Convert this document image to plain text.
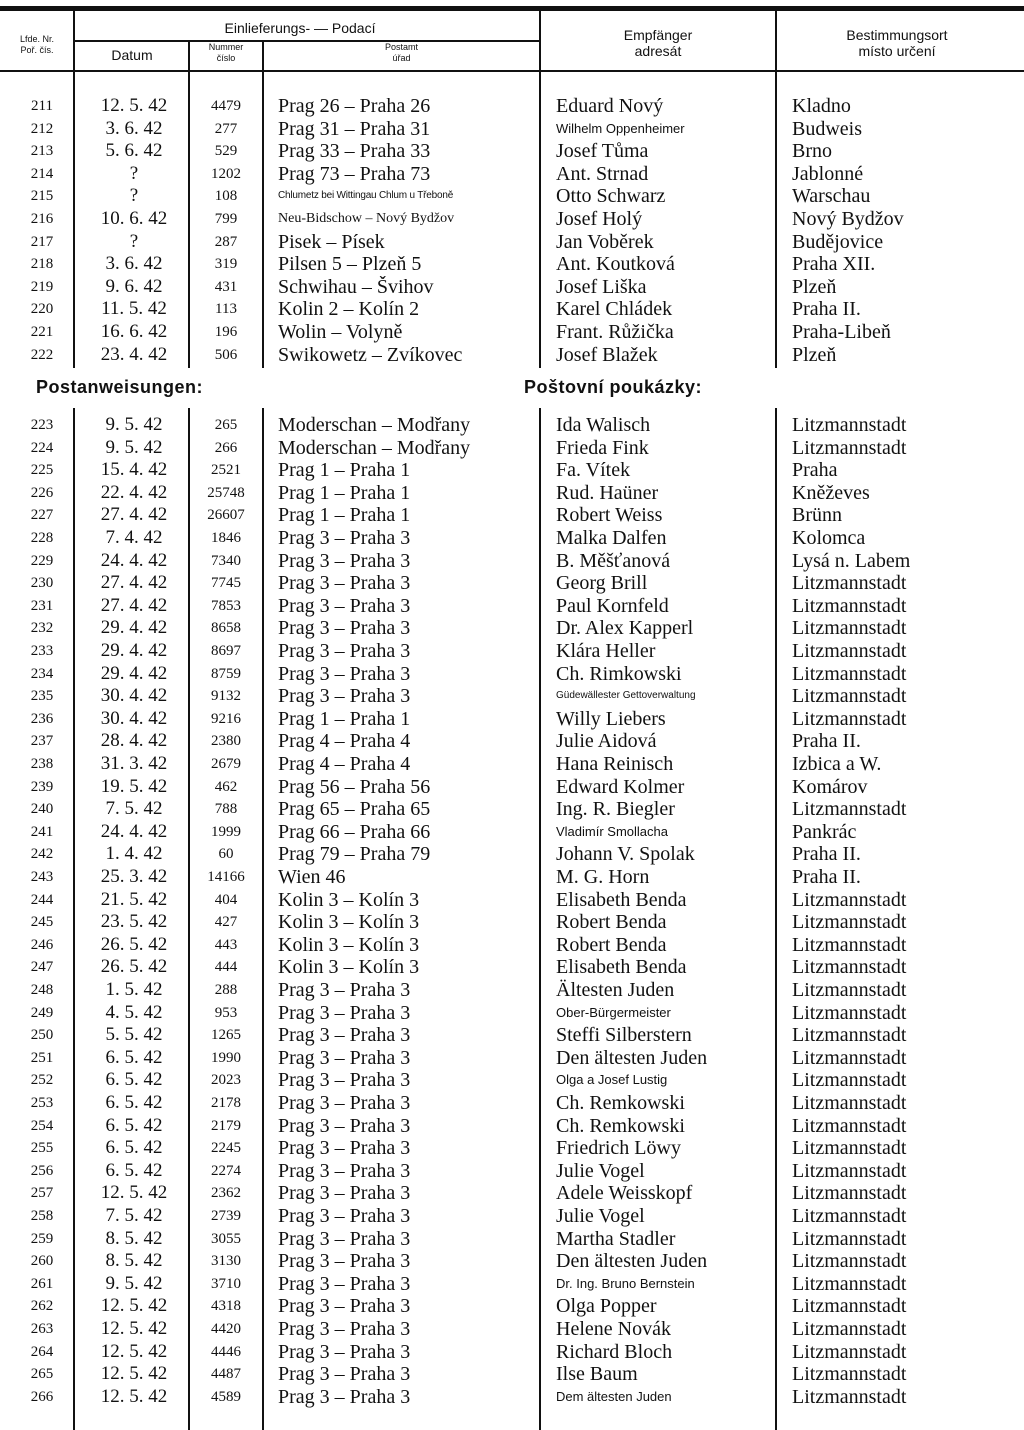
Lfde. Nr.
Poř. čís.
Einlieferungs- — Podací
Datum	Nummer
číslo
Postamt
úřad
Empfänger
adresát
Bestimmungsort
místo určení
211	12. 5. 42	4479	Prag 26 – Praha 26	Eduard Nový	Kladno
212	3. 6. 42	277	Prag 31 – Praha 31	Wilhelm Oppenheimer	Budweis
213	5. 6. 42	529	Prag 33 – Praha 33	Josef Tůma	Brno
214	?	1202	Prag 73 – Praha 73	Ant. Strnad	Jablonné
215	?	108	Chlumetz bei Wittingau Chlum u Třeboně	Otto Schwarz	Warschau
216	10. 6. 42	799	Neu-Bidschow – Nový Bydžov	Josef Holý	Nový Bydžov
217	?	287	Pisek – Písek	Jan Voběrek	Budějovice
218	3. 6. 42	319	Pilsen 5 – Plzeň 5	Ant. Koutková	Praha XII.
219	9. 6. 42	431	Schwihau – Švihov	Josef Liška	Plzeň
220	11. 5. 42	113	Kolin 2 – Kolín 2	Karel Chládek	Praha II.
221	16. 6. 42	196	Wolin – Volyně	Frant. Růžička	Praha-Libeň
222	23. 4. 42	506	Swikowetz – Zvíkovec	Josef Blažek	Plzeň
Postanweisungen:	Poštovní poukázky:
223	9. 5. 42	265	Moderschan – Modřany	Ida Walisch	Litzmannstadt
224	9. 5. 42	266	Moderschan – Modřany	Frieda Fink	Litzmannstadt
225	15. 4. 42	2521	Prag 1 – Praha 1	Fa. Vítek	Praha
226	22. 4. 42	25748	Prag 1 – Praha 1	Rud. Haüner	Kněževes
227	27. 4. 42	26607	Prag 1 – Praha 1	Robert Weiss	Brünn
228	7. 4. 42	1846	Prag 3 – Praha 3	Malka Dalfen	Kolomca
229	24. 4. 42	7340	Prag 3 – Praha 3	B. Měšťanová	Lysá n. Labem
230	27. 4. 42	7745	Prag 3 – Praha 3	Georg Brill	Litzmannstadt
231	27. 4. 42	7853	Prag 3 – Praha 3	Paul Kornfeld	Litzmannstadt
232	29. 4. 42	8658	Prag 3 – Praha 3	Dr. Alex Kapperl	Litzmannstadt
233	29. 4. 42	8697	Prag 3 – Praha 3	Klára Heller	Litzmannstadt
234	29. 4. 42	8759	Prag 3 – Praha 3	Ch. Rimkowski	Litzmannstadt
235	30. 4. 42	9132	Prag 3 – Praha 3	Güdewällester Gettoverwaltung	Litzmannstadt
236	30. 4. 42	9216	Prag 1 – Praha 1	Willy Liebers	Litzmannstadt
237	28. 4. 42	2380	Prag 4 – Praha 4	Julie Aidová	Praha II.
238	31. 3. 42	2679	Prag 4 – Praha 4	Hana Reinisch	Izbica a W.
239	19. 5. 42	462	Prag 56 – Praha 56	Edward Kolmer	Komárov
240	7. 5. 42	788	Prag 65 – Praha 65	Ing. R. Biegler	Litzmannstadt
241	24. 4. 42	1999	Prag 66 – Praha 66	Vladimír Smollacha	Pankrác
242	1. 4. 42	60	Prag 79 – Praha 79	Johann V. Spolak	Praha II.
243	25. 3. 42	14166	Wien 46	M. G. Horn	Praha II.
244	21. 5. 42	404	Kolin 3 – Kolín 3	Elisabeth Benda	Litzmannstadt
245	23. 5. 42	427	Kolin 3 – Kolín 3	Robert Benda	Litzmannstadt
246	26. 5. 42	443	Kolin 3 – Kolín 3	Robert Benda	Litzmannstadt
247	26. 5. 42	444	Kolin 3 – Kolín 3	Elisabeth Benda	Litzmannstadt
248	1. 5. 42	288	Prag 3 – Praha 3	Ältesten Juden	Litzmannstadt
249	4. 5. 42	953	Prag 3 – Praha 3	Ober-Bürgermeister	Litzmannstadt
250	5. 5. 42	1265	Prag 3 – Praha 3	Steffi Silberstern	Litzmannstadt
251	6. 5. 42	1990	Prag 3 – Praha 3	Den ältesten Juden	Litzmannstadt
252	6. 5. 42	2023	Prag 3 – Praha 3	Olga a Josef Lustig	Litzmannstadt
253	6. 5. 42	2178	Prag 3 – Praha 3	Ch. Remkowski	Litzmannstadt
254	6. 5. 42	2179	Prag 3 – Praha 3	Ch. Remkowski	Litzmannstadt
255	6. 5. 42	2245	Prag 3 – Praha 3	Friedrich Löwy	Litzmannstadt
256	6. 5. 42	2274	Prag 3 – Praha 3	Julie Vogel	Litzmannstadt
257	12. 5. 42	2362	Prag 3 – Praha 3	Adele Weisskopf	Litzmannstadt
258	7. 5. 42	2739	Prag 3 – Praha 3	Julie Vogel	Litzmannstadt
259	8. 5. 42	3055	Prag 3 – Praha 3	Martha Stadler	Litzmannstadt
260	8. 5. 42	3130	Prag 3 – Praha 3	Den ältesten Juden	Litzmannstadt
261	9. 5. 42	3710	Prag 3 – Praha 3	Dr. Ing. Bruno Bernstein	Litzmannstadt
262	12. 5. 42	4318	Prag 3 – Praha 3	Olga Popper	Litzmannstadt
263	12. 5. 42	4420	Prag 3 – Praha 3	Helene Novák	Litzmannstadt
264	12. 5. 42	4446	Prag 3 – Praha 3	Richard Bloch	Litzmannstadt
265	12. 5. 42	4487	Prag 3 – Praha 3	Ilse Baum	Litzmannstadt
266	12. 5. 42	4589	Prag 3 – Praha 3	Dem ältesten Juden	Litzmannstadt
